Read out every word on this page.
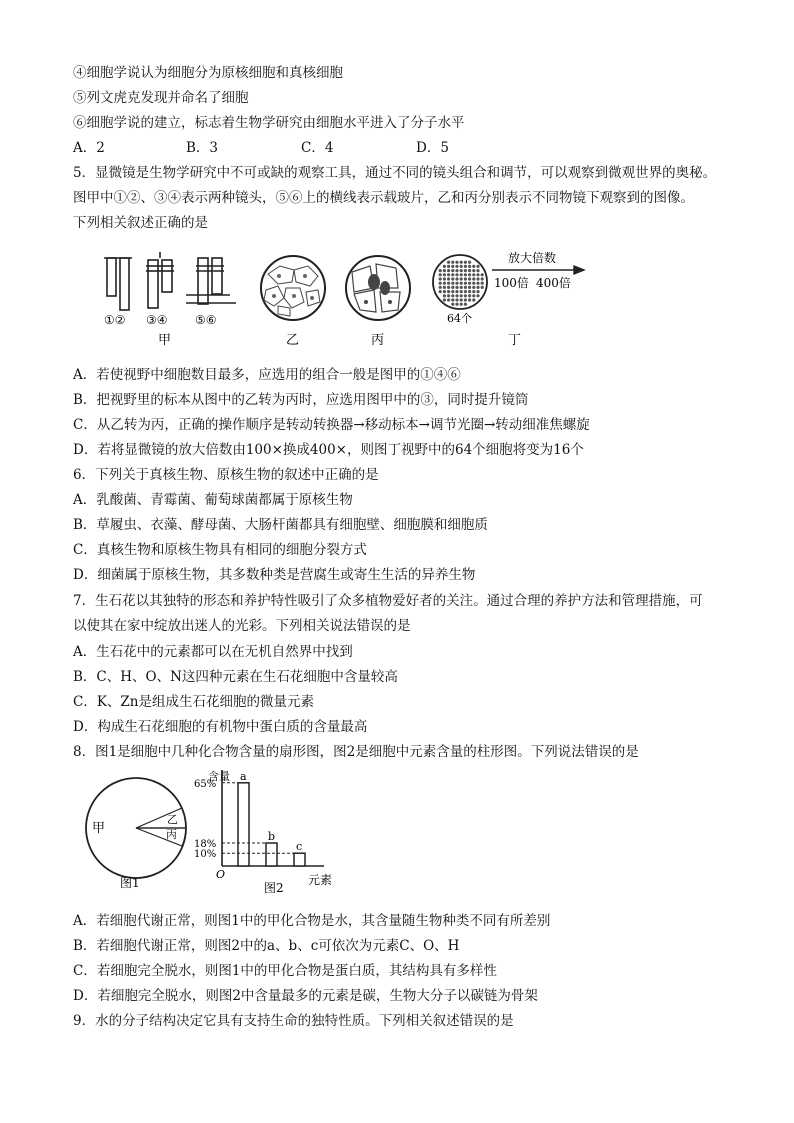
④细胞学说认为细胞分为原核细胞和真核细胞
⑤列文虎克发现并命名了细胞
⑥细胞学说的建立，标志着生物学研究由细胞水平进入了分子水平
A．2	B．3	C．4	D．5
5．显微镜是生物学研究中不可或缺的观察工具，通过不同的镜头组合和调节，可以观察到微观世界的奥秘。
图甲中①②、③④表示两种镜头，⑤⑥上的横线表示载玻片，乙和丙分别表示不同物镜下观察到的图像。
下列相关叙述正确的是
①② ③④ ⑤⑥
甲	乙	丙
64个
丁
放大倍数
100倍 400倍
A．若使视野中细胞数目最多，应选用的组合一般是图甲的①④⑥
B．把视野里的标本从图中的乙转为丙时，应选用图甲中的③，同时提升镜筒
C．从乙转为丙，正确的操作顺序是转动转换器→移动标本→调节光圈→转动细准焦螺旋
D．若将显微镜的放大倍数由100×换成400×，则图丁视野中的64个细胞将变为16个
6．下列关于真核生物、原核生物的叙述中正确的是
A．乳酸菌、青霉菌、葡萄球菌都属于原核生物
B．草履虫、衣藻、酵母菌、大肠杆菌都具有细胞壁、细胞膜和细胞质
C．真核生物和原核生物具有相同的细胞分裂方式
D．细菌属于原核生物，其多数种类是营腐生或寄生生活的异养生物
7．生石花以其独特的形态和养护特性吸引了众多植物爱好者的关注。通过合理的养护方法和管理措施，可
以使其在家中绽放出迷人的光彩。下列相关说法错误的是
A．生石花中的元素都可以在无机自然界中找到
B．C、H、O、N这四种元素在生石花细胞中含量较高
C．K、Zn是组成生石花细胞的微量元素
D．构成生石花细胞的有机物中蛋白质的含量最高
8．图1是细胞中几种化合物含量的扇形图，图2是细胞中元素含量的柱形图。下列说法错误的是
甲
乙
丙
图1
含量
O	元素
图2
a
65%
b
18%	c
10%
A．若细胞代谢正常，则图1中的甲化合物是水，其含量随生物种类不同有所差别
B．若细胞代谢正常，则图2中的a、b、c可依次为元素C、O、H
C．若细胞完全脱水，则图1中的甲化合物是蛋白质，其结构具有多样性
D．若细胞完全脱水，则图2中含量最多的元素是碳，生物大分子以碳链为骨架
9．水的分子结构决定它具有支持生命的独特性质。下列相关叙述错误的是
